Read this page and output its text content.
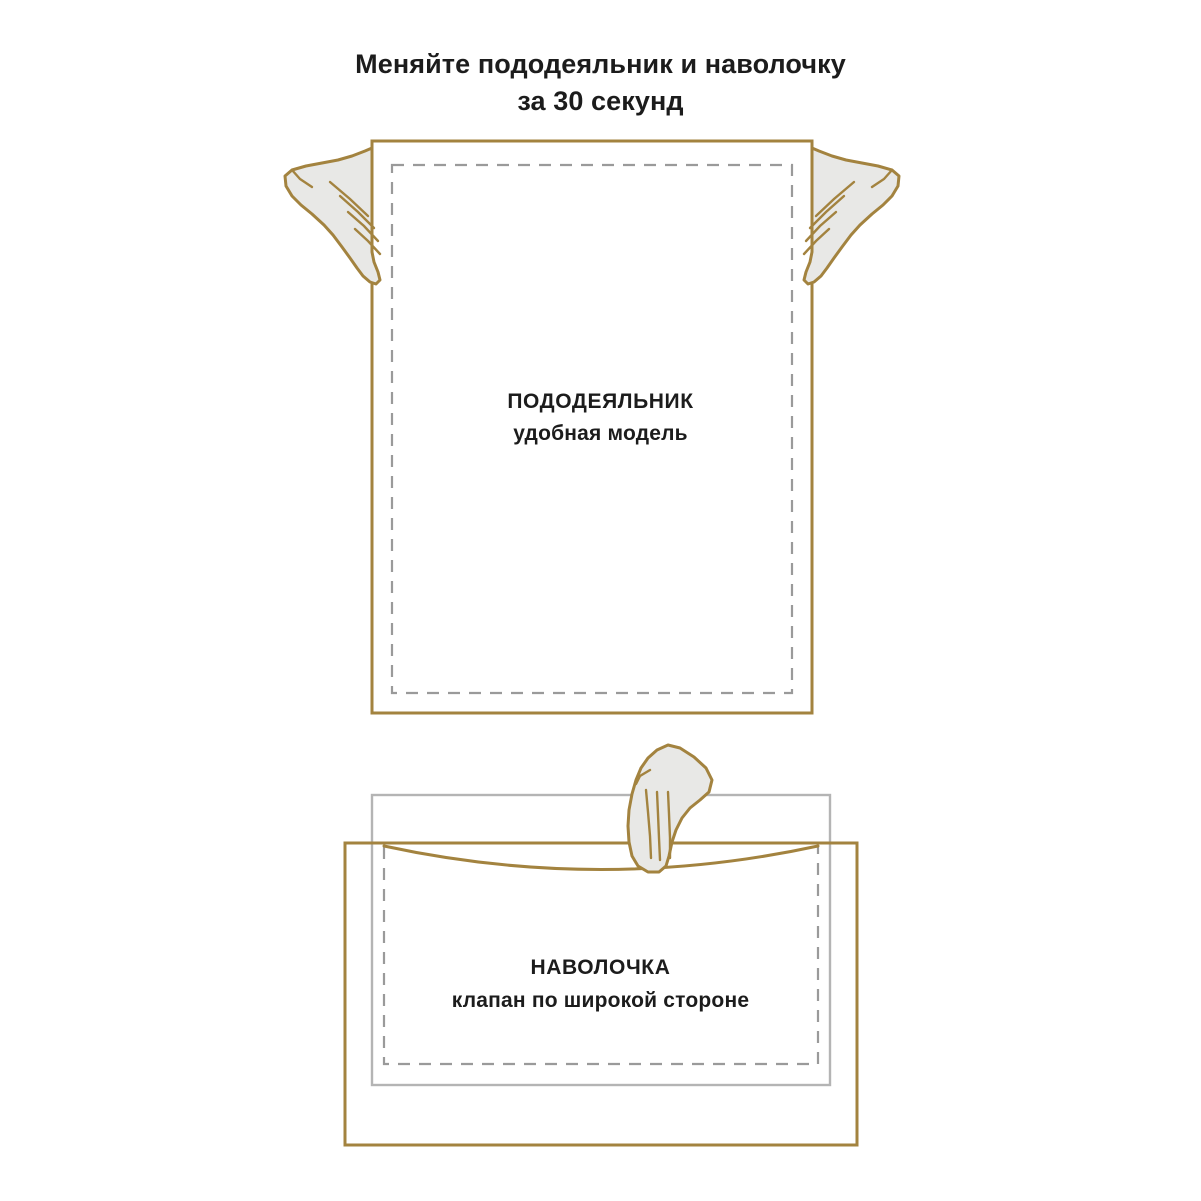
Меняйте пододеяльник и наволочку
за 30 секунд
ПОДОДЕЯЛЬНИК
удобная модель
НАВОЛОЧКА
клапан по широкой стороне
